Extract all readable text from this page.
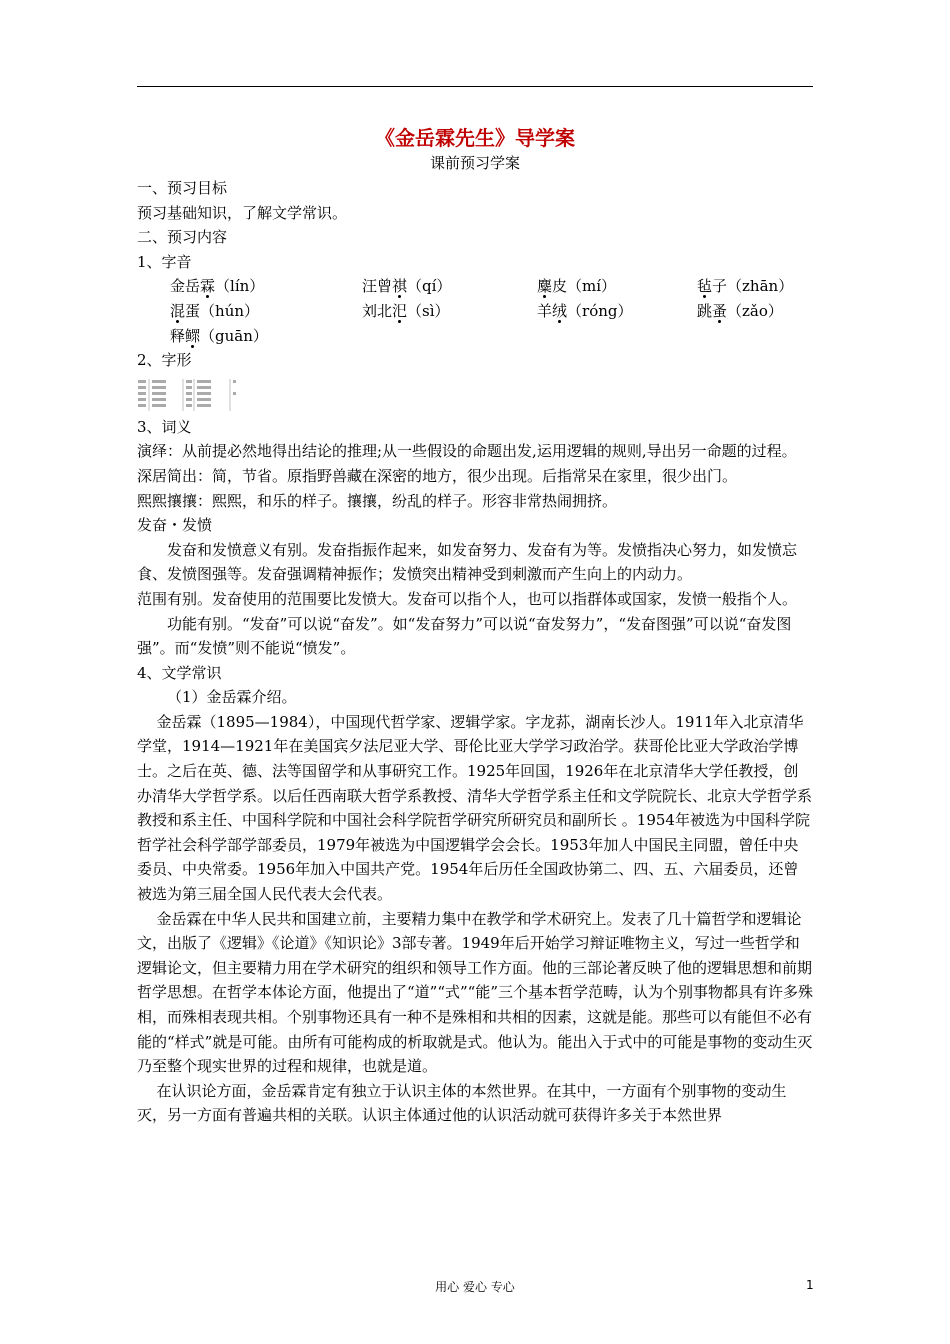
《金岳霖先生》导学案

课前预习学案

一、预习目标

预习基础知识，了解文学常识。

二、预习内容

1、字音

金岳霖（lín）	汪曾祺（qí）	麋皮（mí）	毡子（zhān）
混蛋（hún）	刘北汜（sì）	羊绒（róng）	跳蚤（zǎo）
释鳏（guān）

2、字形

3、词义

演绎：从前提必然地得出结论的推理;从一些假设的命题出发,运用逻辑的规则,导出另一命题的过程。

深居简出：简，节省。原指野兽藏在深密的地方，很少出现。后指常呆在家里，很少出门。

熙熙攘攘：熙熙，和乐的样子。攘攘，纷乱的样子。形容非常热闹拥挤。

发奋・发愤

发奋和发愤意义有别。发奋指振作起来，如发奋努力、发奋有为等。发愤指决心努力，如发愤忘食、发愤图强等。发奋强调精神振作；发愤突出精神受到刺激而产生向上的内动力。

范围有别。发奋使用的范围要比发愤大。发奋可以指个人，也可以指群体或国家，发愤一般指个人。

功能有别。“发奋”可以说“奋发”。如“发奋努力”可以说“奋发努力”，“发奋图强”可以说“奋发图强”。而“发愤”则不能说“愤发”。

4、文学常识

（1）金岳霖介绍。

金岳霖（1895—1984），中国现代哲学家、逻辑学家。字龙荪，湖南长沙人。1911年入北京清华学堂，1914—1921年在美国宾夕法尼亚大学、哥伦比亚大学学习政治学。获哥伦比亚大学政治学博士。之后在英、德、法等国留学和从事研究工作。1925年回国，1926年在北京清华大学任教授，创办清华大学哲学系。以后任西南联大哲学系教授、清华大学哲学系主任和文学院院长、北京大学哲学系教授和系主任、中国科学院和中国社会科学院哲学研究所研究员和副所长 。1954年被选为中国科学院哲学社会科学部学部委员，1979年被选为中国逻辑学会会长。1953年加人中国民主同盟，曾任中央委员、中央常委。1956年加入中国共产党。1954年后历任全国政协第二、四、五、六届委员，还曾被选为第三届全国人民代表大会代表。

金岳霖在中华人民共和国建立前，主要精力集中在教学和学术研究上。发表了几十篇哲学和逻辑论文，出版了《逻辑》《论道》《知识论》3部专著。1949年后开始学习辩证唯物主义，写过一些哲学和逻辑论文，但主要精力用在学术研究的组织和领导工作方面。他的三部论著反映了他的逻辑思想和前期哲学思想。在哲学本体论方面，他提出了“道”“式”“能”三个基本哲学范畴，认为个别事物都具有许多殊相，而殊相表现共相。个别事物还具有一种不是殊相和共相的因素，这就是能。那些可以有能但不必有能的“样式”就是可能。由所有可能构成的析取就是式。他认为。能出入于式中的可能是事物的变动生灭乃至整个现实世界的过程和规律，也就是道。

在认识论方面，金岳霖肯定有独立于认识主体的本然世界。在其中，一方面有个别事物的变动生灭，另一方面有普遍共相的关联。认识主体通过他的认识活动就可获得许多关于本然世界

用心 爱心 专心	1
